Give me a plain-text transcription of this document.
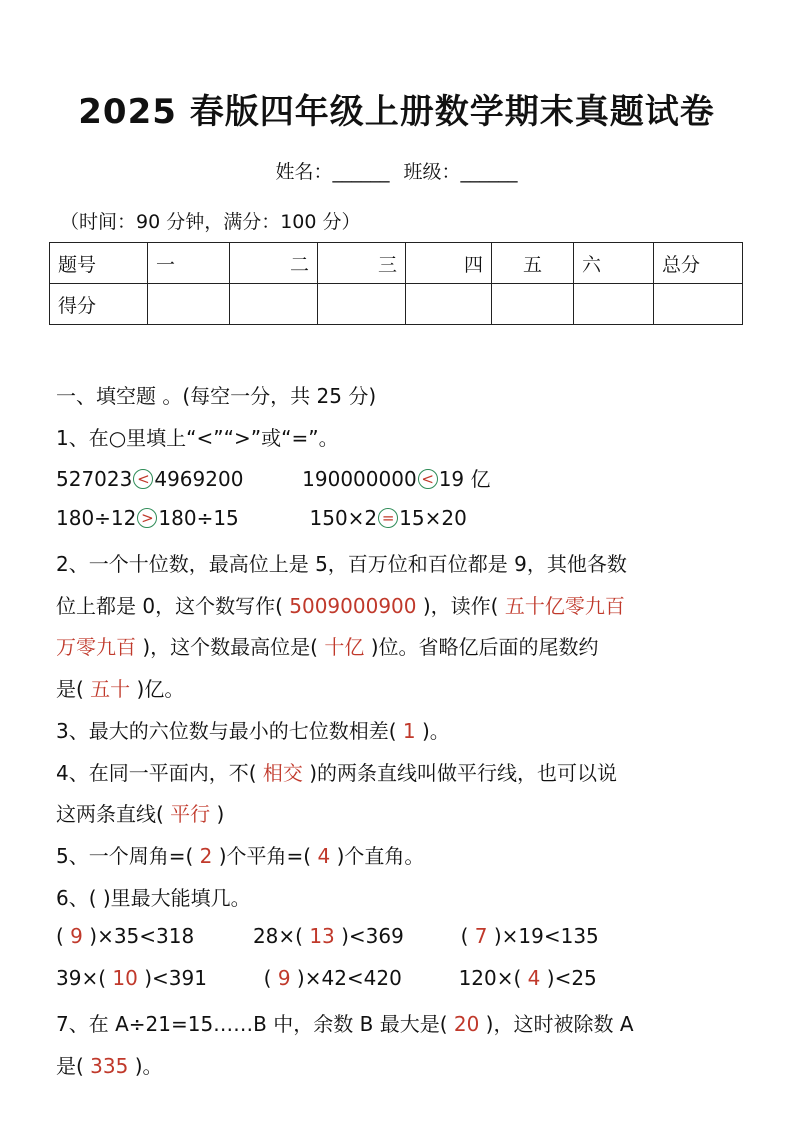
2025 春版四年级上册数学期末真题试卷
姓名：______ 班级：______
（时间：90 分钟，满分：100 分）
题号	一	二	三	四	五	六	总分
得分							
一、填空题 。(每空一分，共 25 分)
1、在○里填上“<”“>”或“=”。
527023 < 4969200	190000000 < 19 亿
180÷12 > 180÷15	150×2 = 15×20
2、一个十位数，最高位上是 5，百万位和百位都是 9，其他各数
位上都是 0，这个数写作( 5009000900 )，读作( 五十亿零九百
万零九百 )，这个数最高位是( 十亿 )位。省略亿后面的尾数约
是( 五十 )亿。
3、最大的六位数与最小的七位数相差( 1 )。
4、在同一平面内，不( 相交 )的两条直线叫做平行线，也可以说
这两条直线( 平行 )
5、一个周角=( 2 )个平角=( 4 )个直角。
6、( )里最大能填几。
( 9 )×35<318	28×( 13 )<369	( 7 )×19<135
39×( 10 )<391	( 9 )×42<420	120×( 4 )<25
7、在 A÷21=15……B 中，余数 B 最大是( 20 )，这时被除数 A
是( 335 )。
